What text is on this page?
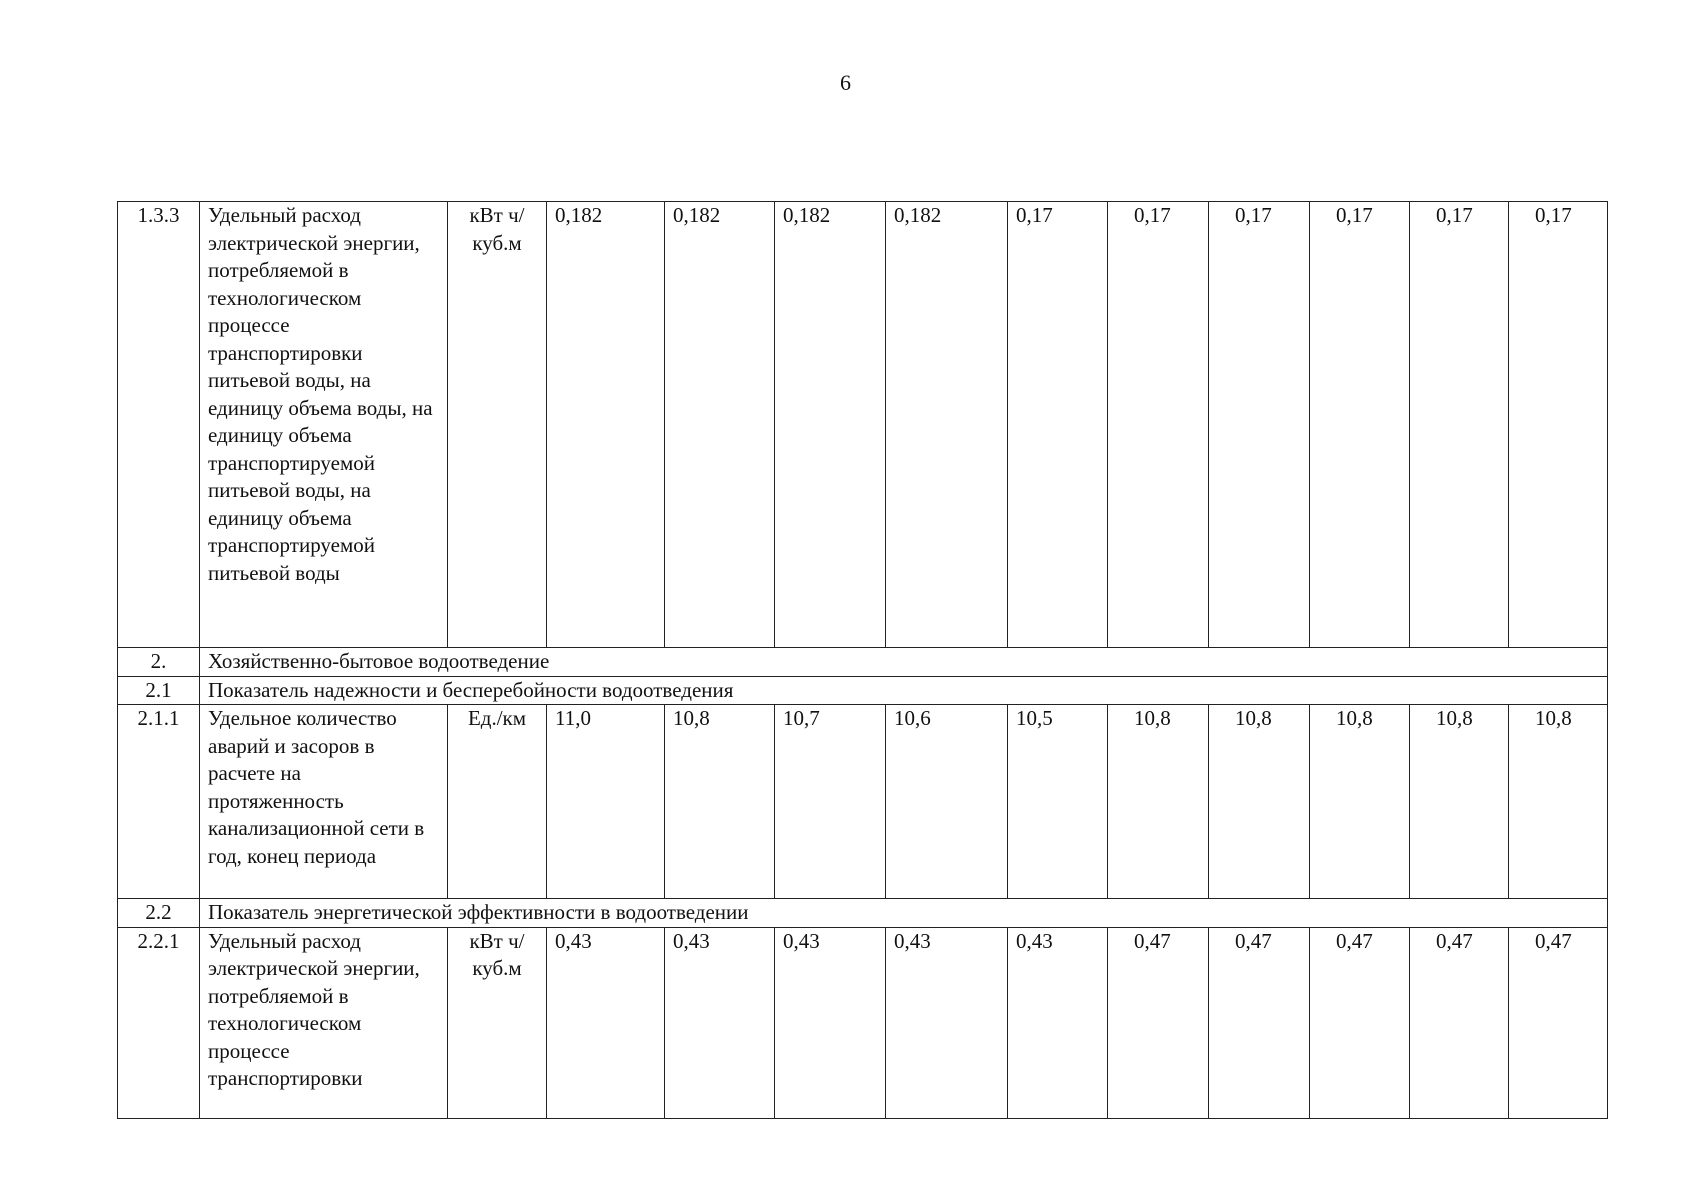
6
1.3.3	Удельный расход электрической энергии, потребляемой в технологическом процессе транспортировки питьевой воды, на единицу объема воды, на единицу объема транспортируемой питьевой воды, на единицу объема транспортируемой питьевой воды	кВт ч/куб.м	0,182	0,182	0,182	0,182	0,17	0,17	0,17	0,17	0,17	0,17
2.	Хозяйственно-бытовое водоотведение											
2.1	Показатель надежности и бесперебойности водоотведения											
2.1.1	Удельное количество аварий и засоров в расчете на протяженность канализационной сети в год, конец периода	Ед./км	11,0	10,8	10,7	10,6	10,5	10,8	10,8	10,8	10,8	10,8
2.2	Показатель энергетической эффективности в водоотведении											
2.2.1	Удельный расход электрической энергии, потребляемой в технологическом процессе транспортировки	кВт ч/куб.м	0,43	0,43	0,43	0,43	0,43	0,47	0,47	0,47	0,47	0,47
